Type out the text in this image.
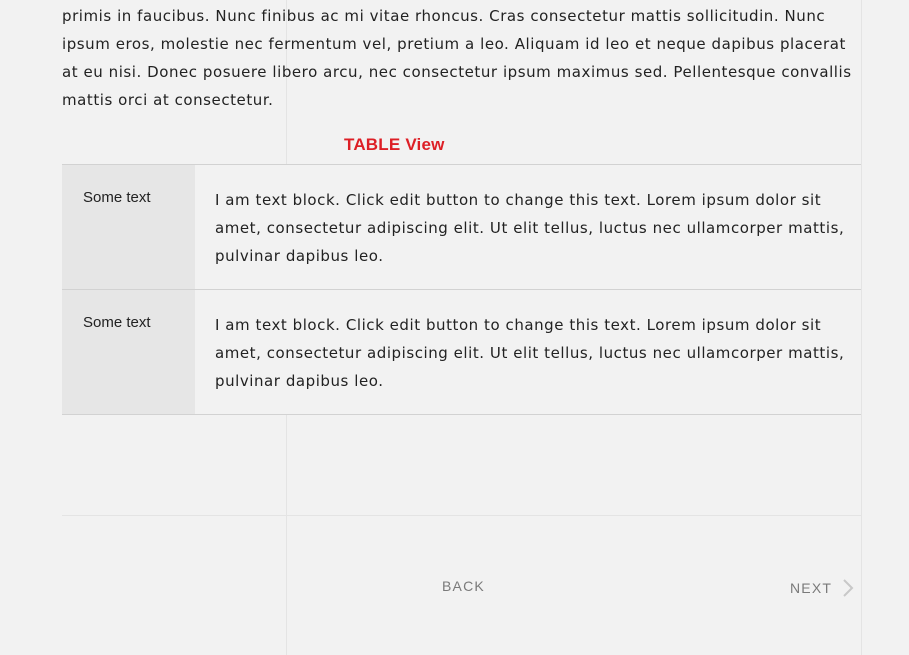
primis in faucibus. Nunc finibus ac mi vitae rhoncus. Cras consectetur mattis sollicitudin. Nunc ipsum eros, molestie nec fermentum vel, pretium a leo. Aliquam id leo et neque dapibus placerat at eu nisi. Donec posuere libero arcu, nec consectetur ipsum maximus sed. Pellentesque convallis mattis orci at consectetur.

TABLE View
Some text	I am text block. Click edit button to change this text. Lorem ipsum dolor sit amet, consectetur adipiscing elit. Ut elit tellus, luctus nec ullamcorper mattis, pulvinar dapibus leo.
Some text	I am text block. Click edit button to change this text. Lorem ipsum dolor sit amet, consectetur adipiscing elit. Ut elit tellus, luctus nec ullamcorper mattis, pulvinar dapibus leo.
BACK	NEXT
